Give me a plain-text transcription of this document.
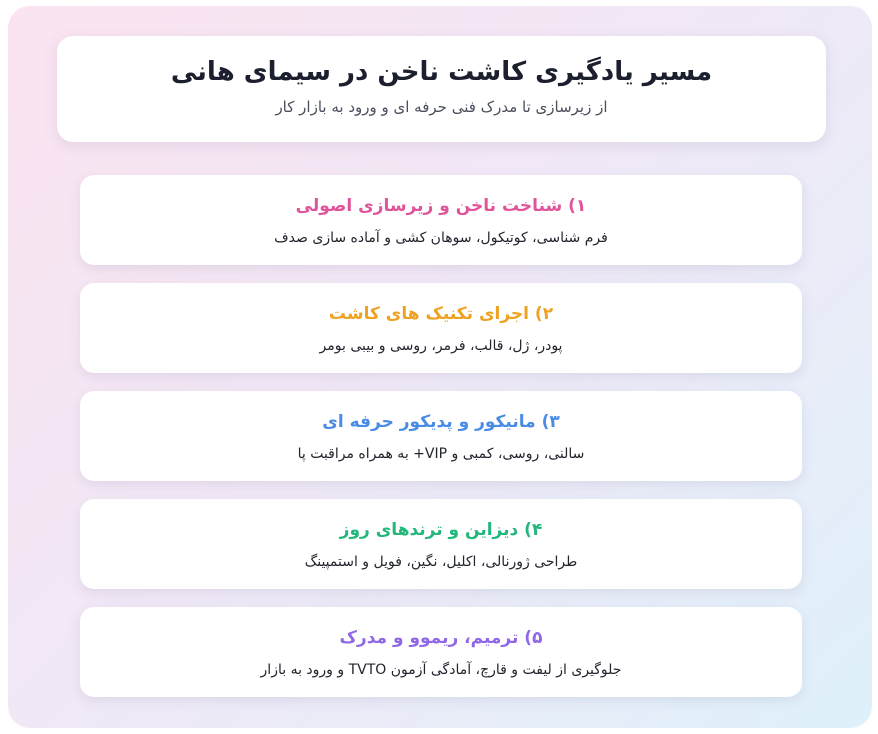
مسیر یادگیری کاشت ناخن در سیمای هانی
از زیرسازی تا مدرک فنی حرفه ای و ورود به بازار کار
۱) شناخت ناخن و زیرسازی اصولی
فرم شناسی، کوتیکول، سوهان کشی و آماده سازی صدف
۲) اجرای تکنیک های کاشت
پودر، ژل، قالب، فرمر، روسی و بیبی بومر
۳) مانیکور و پدیکور حرفه ای
سالنی، روسی، کمبی و VIP+ به همراه مراقبت پا
۴) دیزاین و ترندهای روز
طراحی ژورنالی، اکلیل، نگین، فویل و استمپینگ
۵) ترمیم، ریموو و مدرک
جلوگیری از لیفت و قارچ، آمادگی آزمون TVTO و ورود به بازار
